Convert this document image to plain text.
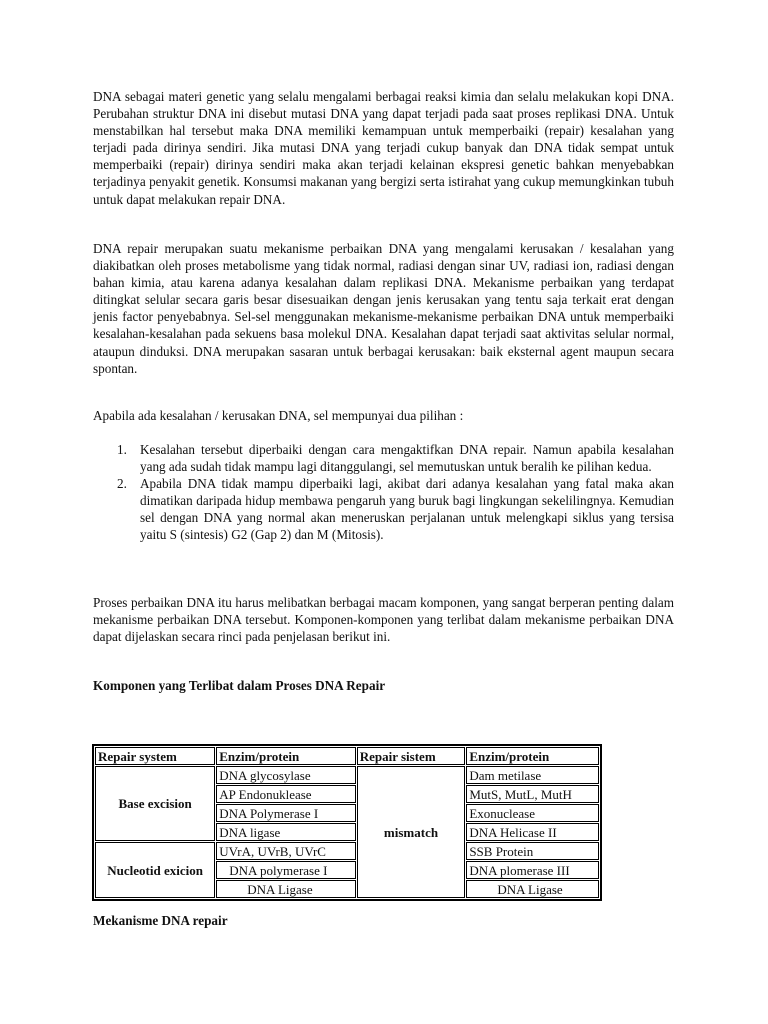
DNA sebagai materi genetic yang selalu mengalami berbagai reaksi kimia dan selalu melakukan kopi DNA. Perubahan struktur DNA ini disebut mutasi DNA yang dapat terjadi pada saat proses replikasi DNA. Untuk menstabilkan hal tersebut maka DNA memiliki kemampuan untuk memperbaiki (repair) kesalahan yang terjadi pada dirinya sendiri. Jika mutasi DNA yang terjadi cukup banyak dan DNA tidak sempat untuk memperbaiki (repair) dirinya sendiri maka akan terjadi kelainan ekspresi genetic bahkan menyebabkan terjadinya penyakit genetik. Konsumsi makanan yang bergizi serta istirahat yang cukup memungkinkan tubuh untuk dapat melakukan repair DNA.

DNA repair merupakan suatu mekanisme perbaikan DNA yang mengalami kerusakan / kesalahan yang diakibatkan oleh proses metabolisme yang tidak normal, radiasi dengan sinar UV, radiasi ion, radiasi dengan bahan kimia, atau karena adanya kesalahan dalam replikasi DNA. Mekanisme perbaikan yang terdapat ditingkat selular secara garis besar disesuaikan dengan jenis kerusakan yang tentu saja terkait erat dengan jenis factor penyebabnya. Sel-sel menggunakan mekanisme-mekanisme perbaikan DNA untuk memperbaiki kesalahan-kesalahan pada sekuens basa molekul DNA. Kesalahan dapat terjadi saat aktivitas selular normal, ataupun dinduksi. DNA merupakan sasaran untuk berbagai kerusakan: baik eksternal agent maupun secara spontan.

Apabila ada kesalahan / kerusakan DNA, sel mempunyai dua pilihan :

1. Kesalahan tersebut diperbaiki dengan cara mengaktifkan DNA repair. Namun apabila kesalahan yang ada sudah tidak mampu lagi ditanggulangi, sel memutuskan untuk beralih ke pilihan kedua.
2. Apabila DNA tidak mampu diperbaiki lagi, akibat dari adanya kesalahan yang fatal maka akan dimatikan daripada hidup membawa pengaruh yang buruk bagi lingkungan sekelilingnya. Kemudian sel dengan DNA yang normal akan meneruskan perjalanan untuk melengkapi siklus yang tersisa yaitu S (sintesis) G2 (Gap 2) dan M (Mitosis).

Proses perbaikan DNA itu harus melibatkan berbagai macam komponen, yang sangat berperan penting dalam mekanisme perbaikan DNA tersebut. Komponen-komponen yang terlibat dalam mekanisme perbaikan DNA dapat dijelaskan secara rinci pada penjelasan berikut ini.

Komponen yang Terlibat dalam Proses DNA Repair

Repair system	Enzim/protein	Repair sistem	Enzim/protein
Base excision	DNA glycosylase	mismatch	Dam metilase
	AP Endonuklease		MutS, MutL, MutH
	DNA Polymerase I		Exonuclease
	DNA ligase		DNA Helicase II
Nucleotid exicion	UVrA, UVrB, UVrC		SSB Protein
	DNA polymerase I		DNA plomerase III
	DNA Ligase		DNA Ligase

Mekanisme DNA repair
